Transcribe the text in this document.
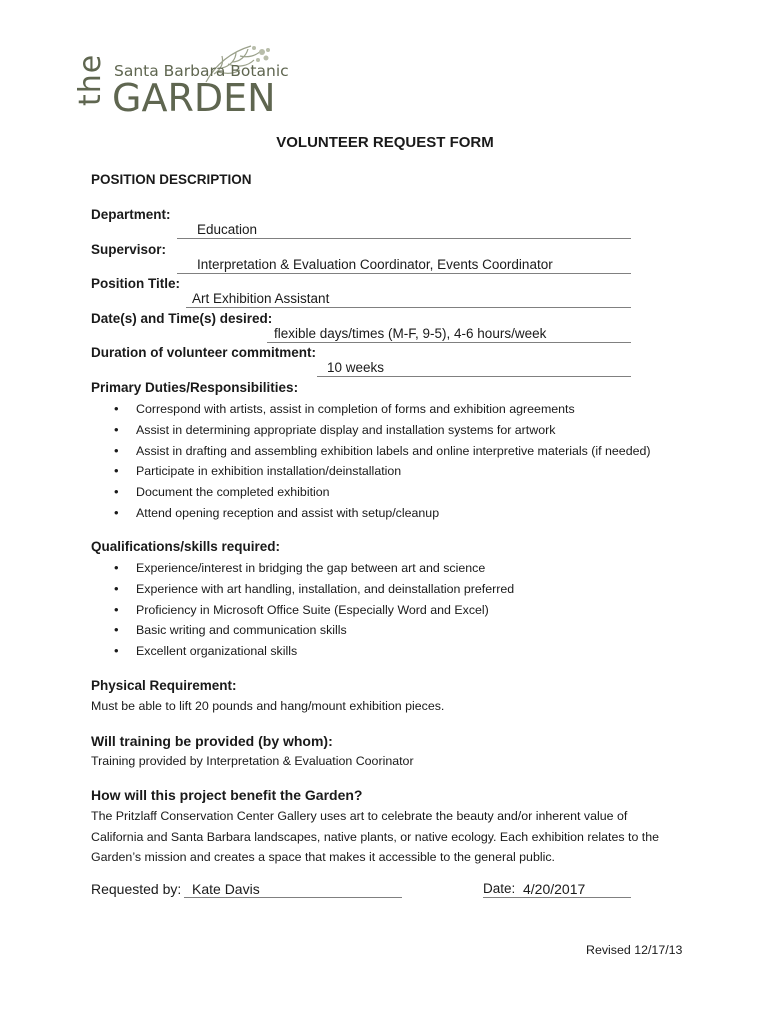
the Santa Barbara Botanic
GARDEN
VOLUNTEER REQUEST FORM
POSITION DESCRIPTION
Department:
Education
Supervisor:
Interpretation & Evaluation Coordinator, Events Coordinator
Position Title:
Art Exhibition Assistant
Date(s) and Time(s) desired:
flexible days/times (M-F, 9-5), 4-6 hours/week
Duration of volunteer commitment:
10 weeks
Primary Duties/Responsibilities:
• Correspond with artists, assist in completion of forms and exhibition agreements
• Assist in determining appropriate display and installation systems for artwork
• Assist in drafting and assembling exhibition labels and online interpretive materials (if needed)
• Participate in exhibition installation/deinstallation
• Document the completed exhibition
• Attend opening reception and assist with setup/cleanup
Qualifications/skills required:
• Experience/interest in bridging the gap between art and science
• Experience with art handling, installation, and deinstallation preferred
• Proficiency in Microsoft Office Suite (Especially Word and Excel)
• Basic writing and communication skills
• Excellent organizational skills
Physical Requirement:
Must be able to lift 20 pounds and hang/mount exhibition pieces.
Will training be provided (by whom):
Training provided by Interpretation & Evaluation Coorinator
How will this project benefit the Garden?
The Pritzlaff Conservation Center Gallery uses art to celebrate the beauty and/or inherent value of
California and Santa Barbara landscapes, native plants, or native ecology. Each exhibition relates to the
Garden’s mission and creates a space that makes it accessible to the general public.
Requested by: Kate Davis	Date: 4/20/2017
Revised 12/17/13
